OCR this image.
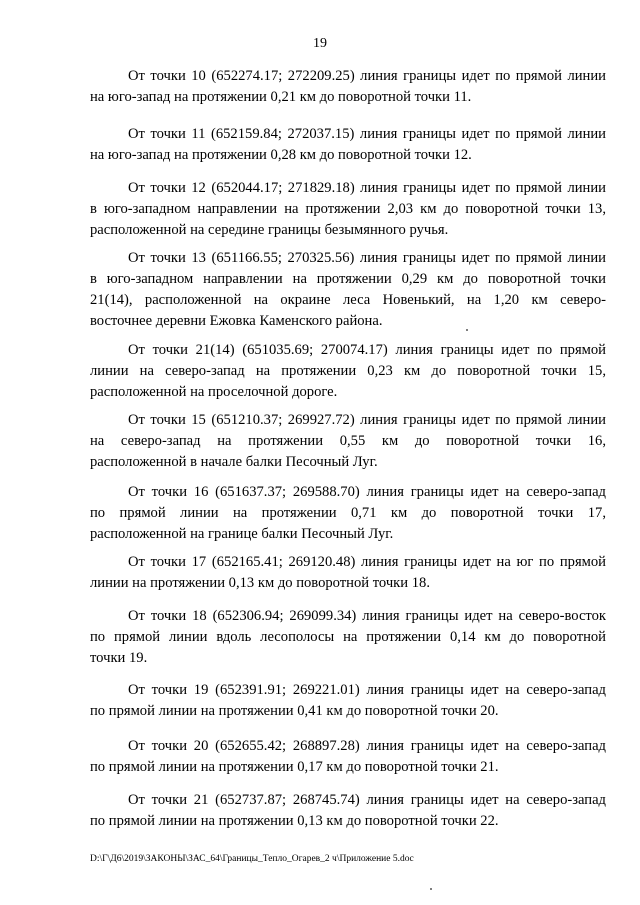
19
От точки 10 (652274.17; 272209.25) линия границы идет по прямой линии
на юго-запад на протяжении 0,21 км до поворотной точки 11.
От точки 11 (652159.84; 272037.15) линия границы идет по прямой линии
на юго-запад на протяжении 0,28 км до поворотной точки 12.
От точки 12 (652044.17; 271829.18) линия границы идет по прямой линии
в юго-западном направлении на протяжении 2,03 км до поворотной точки 13,
расположенной на середине границы безымянного ручья.
От точки 13 (651166.55; 270325.56) линия границы идет по прямой линии
в юго-западном направлении на протяжении 0,29 км до поворотной точки
21(14), расположенной на окраине леса Новенький, на 1,20 км северо-
восточнее деревни Ежовка Каменского района.
От точки 21(14) (651035.69; 270074.17) линия границы идет по прямой
линии на северо-запад на протяжении 0,23 км до поворотной точки 15,
расположенной на проселочной дороге.
От точки 15 (651210.37; 269927.72) линия границы идет по прямой линии
на северо-запад на протяжении 0,55 км до поворотной точки 16,
расположенной в начале балки Песочный Луг.
От точки 16 (651637.37; 269588.70) линия границы идет на северо-запад
по прямой линии на протяжении 0,71 км до поворотной точки 17,
расположенной на границе балки Песочный Луг.
От точки 17 (652165.41; 269120.48) линия границы идет на юг по прямой
линии на протяжении 0,13 км до поворотной точки 18.
От точки 18 (652306.94; 269099.34) линия границы идет на северо-восток
по прямой линии вдоль лесополосы на протяжении 0,14 км до поворотной
точки 19.
От точки 19 (652391.91; 269221.01) линия границы идет на северо-запад
по прямой линии на протяжении 0,41 км до поворотной точки 20.
От точки 20 (652655.42; 268897.28) линия границы идет на северо-запад
по прямой линии на протяжении 0,17 км до поворотной точки 21.
От точки 21 (652737.87; 268745.74) линия границы идет на северо-запад
по прямой линии на протяжении 0,13 км до поворотной точки 22.
D:\Г\Д6\2019\ЗАКОНЫ\ЗАС_64\Границы_Тепло_Огарев_2 ч\Приложение 5.doc
